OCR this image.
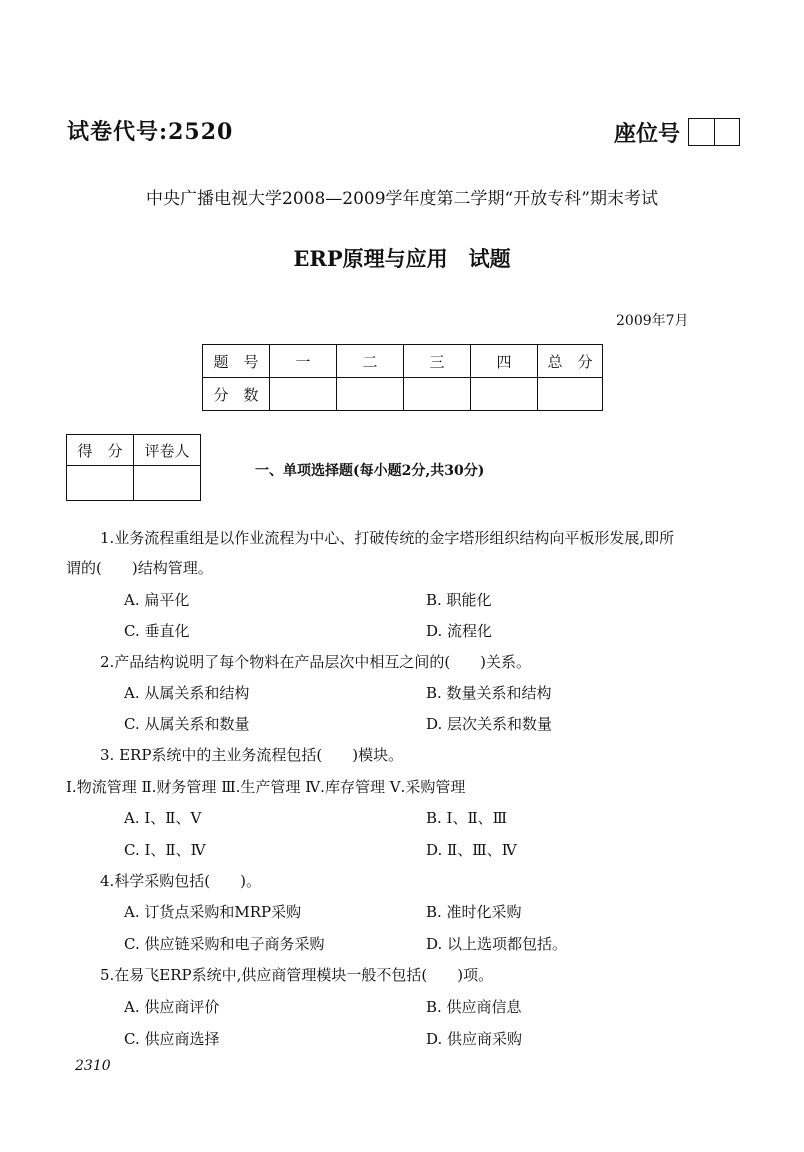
试卷代号:2520	座位号
中央广播电视大学2008—2009学年度第二学期“开放专科”期末考试
ERP原理与应用　试题
2009年7月
题　号	一	二	三	四	总　分
分　数					
得　分	评卷人

一、单项选择题(每小题2分,共30分)
1.业务流程重组是以作业流程为中心、打破传统的金字塔形组织结构向平板形发展,即所
谓的(　　)结构管理。
A. 扁平化	B. 职能化
C. 垂直化	D. 流程化
2.产品结构说明了每个物料在产品层次中相互之间的(　　)关系。
A. 从属关系和结构	B. 数量关系和结构
C. 从属关系和数量	D. 层次关系和数量
3. ERP系统中的主业务流程包括(　　)模块。
Ⅰ.物流管理 Ⅱ.财务管理 Ⅲ.生产管理 Ⅳ.库存管理 Ⅴ.采购管理
A. Ⅰ、Ⅱ、Ⅴ	B. Ⅰ、Ⅱ、Ⅲ
C. Ⅰ、Ⅱ、Ⅳ	D. Ⅱ、Ⅲ、Ⅳ
4.科学采购包括(　　)。
A. 订货点采购和MRP采购	B. 准时化采购
C. 供应链采购和电子商务采购	D. 以上选项都包括。
5.在易飞ERP系统中,供应商管理模块一般不包括(　　)项。
A. 供应商评价	B. 供应商信息
C. 供应商选择	D. 供应商采购
2310
